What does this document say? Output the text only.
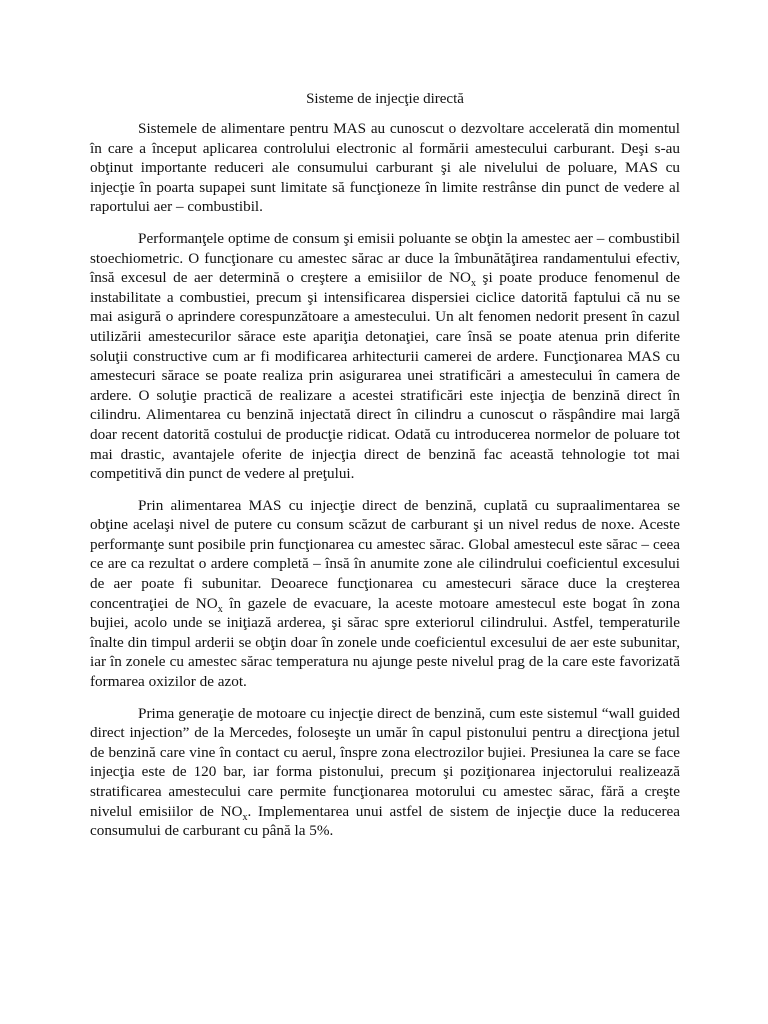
Sisteme de injecţie directă

Sistemele de alimentare pentru MAS au cunoscut o dezvoltare accelerată din momentul în care a început aplicarea controlului electronic al formării amestecului carburant. Deşi s-au obţinut importante reduceri ale consumului carburant şi ale nivelului de poluare, MAS cu injecţie în poarta supapei sunt limitate să funcţioneze în limite restrânse din punct de vedere al raportului aer – combustibil.

Performanţele optime de consum şi emisii poluante se obţin la amestec aer – combustibil stoechiometric. O funcţionare cu amestec sărac ar duce la îmbunătăţirea randamentului efectiv, însă excesul de aer determină o creştere a emisiilor de $NO_x$ şi poate produce fenomenul de instabilitate a combustiei, precum şi intensificarea dispersiei ciclice datorită faptului că nu se mai asigură o aprindere corespunzătoare a amestecului. Un alt fenomen nedorit present în cazul utilizării amestecurilor sărace este apariţia detonaţiei, care însă se poate atenua prin diferite soluţii constructive cum ar fi modificarea arhitecturii camerei de ardere. Funcţionarea MAS cu amestecuri sărace se poate realiza prin asigurarea unei stratificări a amestecului în camera de ardere. O soluţie practică de realizare a acestei stratificări este injecţia de benzină direct în cilindru. Alimentarea cu benzină injectată direct în cilindru a cunoscut o răspândire mai largă doar recent datorită costului de producţie ridicat. Odată cu introducerea normelor de poluare tot mai drastic, avantajele oferite de injecţia direct de benzină fac această tehnologie tot mai competitivă din punct de vedere al preţului.

Prin alimentarea MAS cu injecţie direct de benzină, cuplată cu supraalimentarea se obţine acelaşi nivel de putere cu consum scăzut de carburant şi un nivel redus de noxe. Aceste performanţe sunt posibile prin funcţionarea cu amestec sărac. Global amestecul este sărac – ceea ce are ca rezultat o ardere completă – însă în anumite zone ale cilindrului coeficientul excesului de aer poate fi subunitar. Deoarece funcţionarea cu amestecuri sărace duce la creşterea concentraţiei de $NO_x$ în gazele de evacuare, la aceste motoare amestecul este bogat în zona bujiei, acolo unde se iniţiază arderea, şi sărac spre exteriorul cilindrului. Astfel, temperaturile înalte din timpul arderii se obţin doar în zonele unde coeficientul excesului de aer este subunitar, iar în zonele cu amestec sărac temperatura nu ajunge peste nivelul prag de la care este favorizată formarea oxizilor de azot.

Prima generaţie de motoare cu injecţie direct de benzină, cum este sistemul “wall guided direct injection” de la Mercedes, foloseşte un umăr în capul pistonului pentru a direcţiona jetul de benzină care vine în contact cu aerul, înspre zona electrozilor bujiei. Presiunea la care se face injecţia este de 120 bar, iar forma pistonului, precum şi poziţionarea injectorului realizează stratificarea amestecului care permite funcţionarea motorului cu amestec sărac, fără a creşte nivelul emisiilor de $NO_x$. Implementarea unui astfel de sistem de injecţie duce la reducerea consumului de carburant cu până la 5%.
